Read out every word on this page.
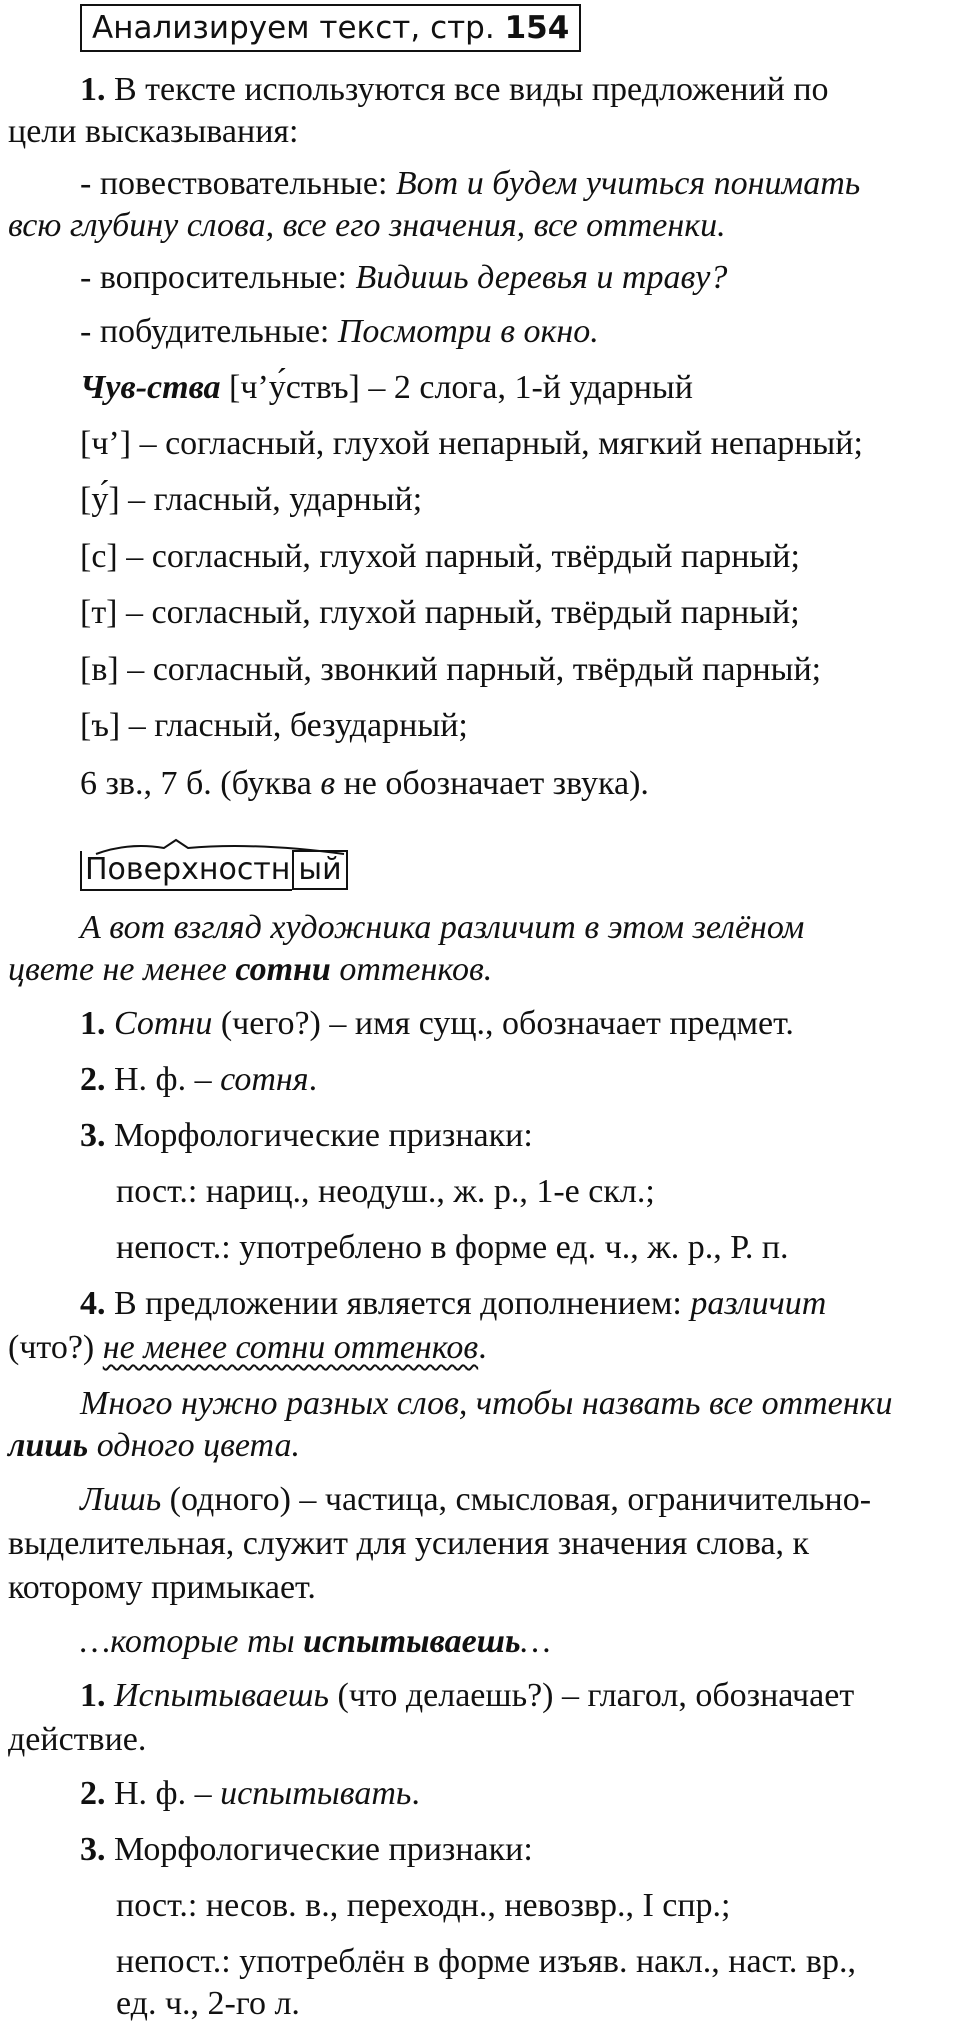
Анализируем текст, стр. 154
1. В тексте используются все виды предложений по
цели высказывания:
- повествовательные: Вот и будем учиться понимать
всю глубину слова, все его значения, все оттенки.
- вопросительные: Видишь деревья и траву?
- побудительные: Посмотри в окно.
Чув-ства [ч’у́ствъ] – 2 слога, 1-й ударный
[ч’] – согласный, глухой непарный, мягкий непарный;
[у́] – гласный, ударный;
[с] – согласный, глухой парный, твёрдый парный;
[т] – согласный, глухой парный, твёрдый парный;
[в] – согласный, звонкий парный, твёрдый парный;
[ъ] – гласный, безударный;
6 зв., 7 б. (буква в не обозначает звука).
Поверхностн ый
А вот взгляд художника различит в этом зелёном
цвете не менее сотни оттенков.
1. Сотни (чего?) – имя сущ., обозначает предмет.
2. Н. ф. – сотня.
3. Морфологические признаки:
пост.: нариц., неодуш., ж. р., 1-е скл.;
непост.: употреблено в форме ед. ч., ж. р., Р. п.
4. В предложении является дополнением: различит
(что?) не менее сотни оттенков.
Много нужно разных слов, чтобы назвать все оттенки
лишь одного цвета.
Лишь (одного) – частица, смысловая, ограничительно-
выделительная, служит для усиления значения слова, к
которому примыкает.
…которые ты испытываешь…
1. Испытываешь (что делаешь?) – глагол, обозначает
действие.
2. Н. ф. – испытывать.
3. Морфологические признаки:
пост.: несов. в., переходн., невозвр., I спр.;
непост.: употреблён в форме изъяв. накл., наст. вр.,
ед. ч., 2-го л.
